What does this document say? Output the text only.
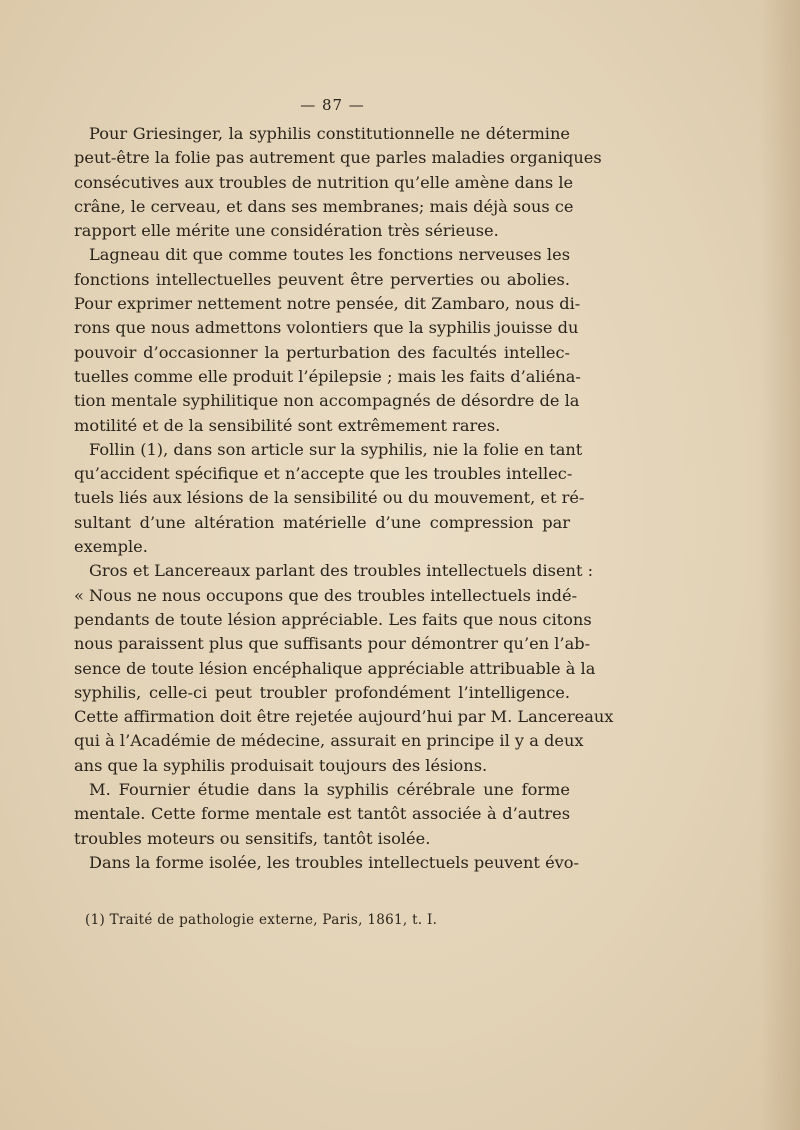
— 87 —
Pour Griesinger, la syphilis constitutionnelle ne détermine
peut-être la folie pas autrement que parles maladies organiques
consécutives aux troubles de nutrition qu’elle amène dans le
crâne, le cerveau, et dans ses membranes; mais déjà sous ce
rapport elle mérite une considération très sérieuse.
Lagneau dit que comme toutes les fonctions nerveuses les
fonctions intellectuelles peuvent être perverties ou abolies.
Pour exprimer nettement notre pensée, dit Zambaro, nous di-
rons que nous admettons volontiers que la syphilis jouisse du
pouvoir d’occasionner la perturbation des facultés intellec-
tuelles comme elle produit l’épilepsie ; mais les faits d’aliéna-
tion mentale syphilitique non accompagnés de désordre de la
motilité et de la sensibilité sont extrêmement rares.
Follin (1), dans son article sur la syphilis, nie la folie en tant
qu’accident spécifique et n’accepte que les troubles intellec-
tuels liés aux lésions de la sensibilité ou du mouvement, et ré-
sultant d’une altération matérielle d’une compression par
exemple.
Gros et Lancereaux parlant des troubles intellectuels disent :
« Nous ne nous occupons que des troubles intellectuels indé-
pendants de toute lésion appréciable. Les faits que nous citons
nous paraissent plus que suffisants pour démontrer qu’en l’ab-
sence de toute lésion encéphalique appréciable attribuable à la
syphilis, celle-ci peut troubler profondément l’intelligence.
Cette affirmation doit être rejetée aujourd’hui par M. Lancereaux
qui à l’Académie de médecine, assurait en principe il y a deux
ans que la syphilis produisait toujours des lésions.
M. Fournier étudie dans la syphilis cérébrale une forme
mentale. Cette forme mentale est tantôt associée à d’autres
troubles moteurs ou sensitifs, tantôt isolée.
Dans la forme isolée, les troubles intellectuels peuvent évo-
(1) Traité de pathologie externe, Paris, 1861, t. I.
